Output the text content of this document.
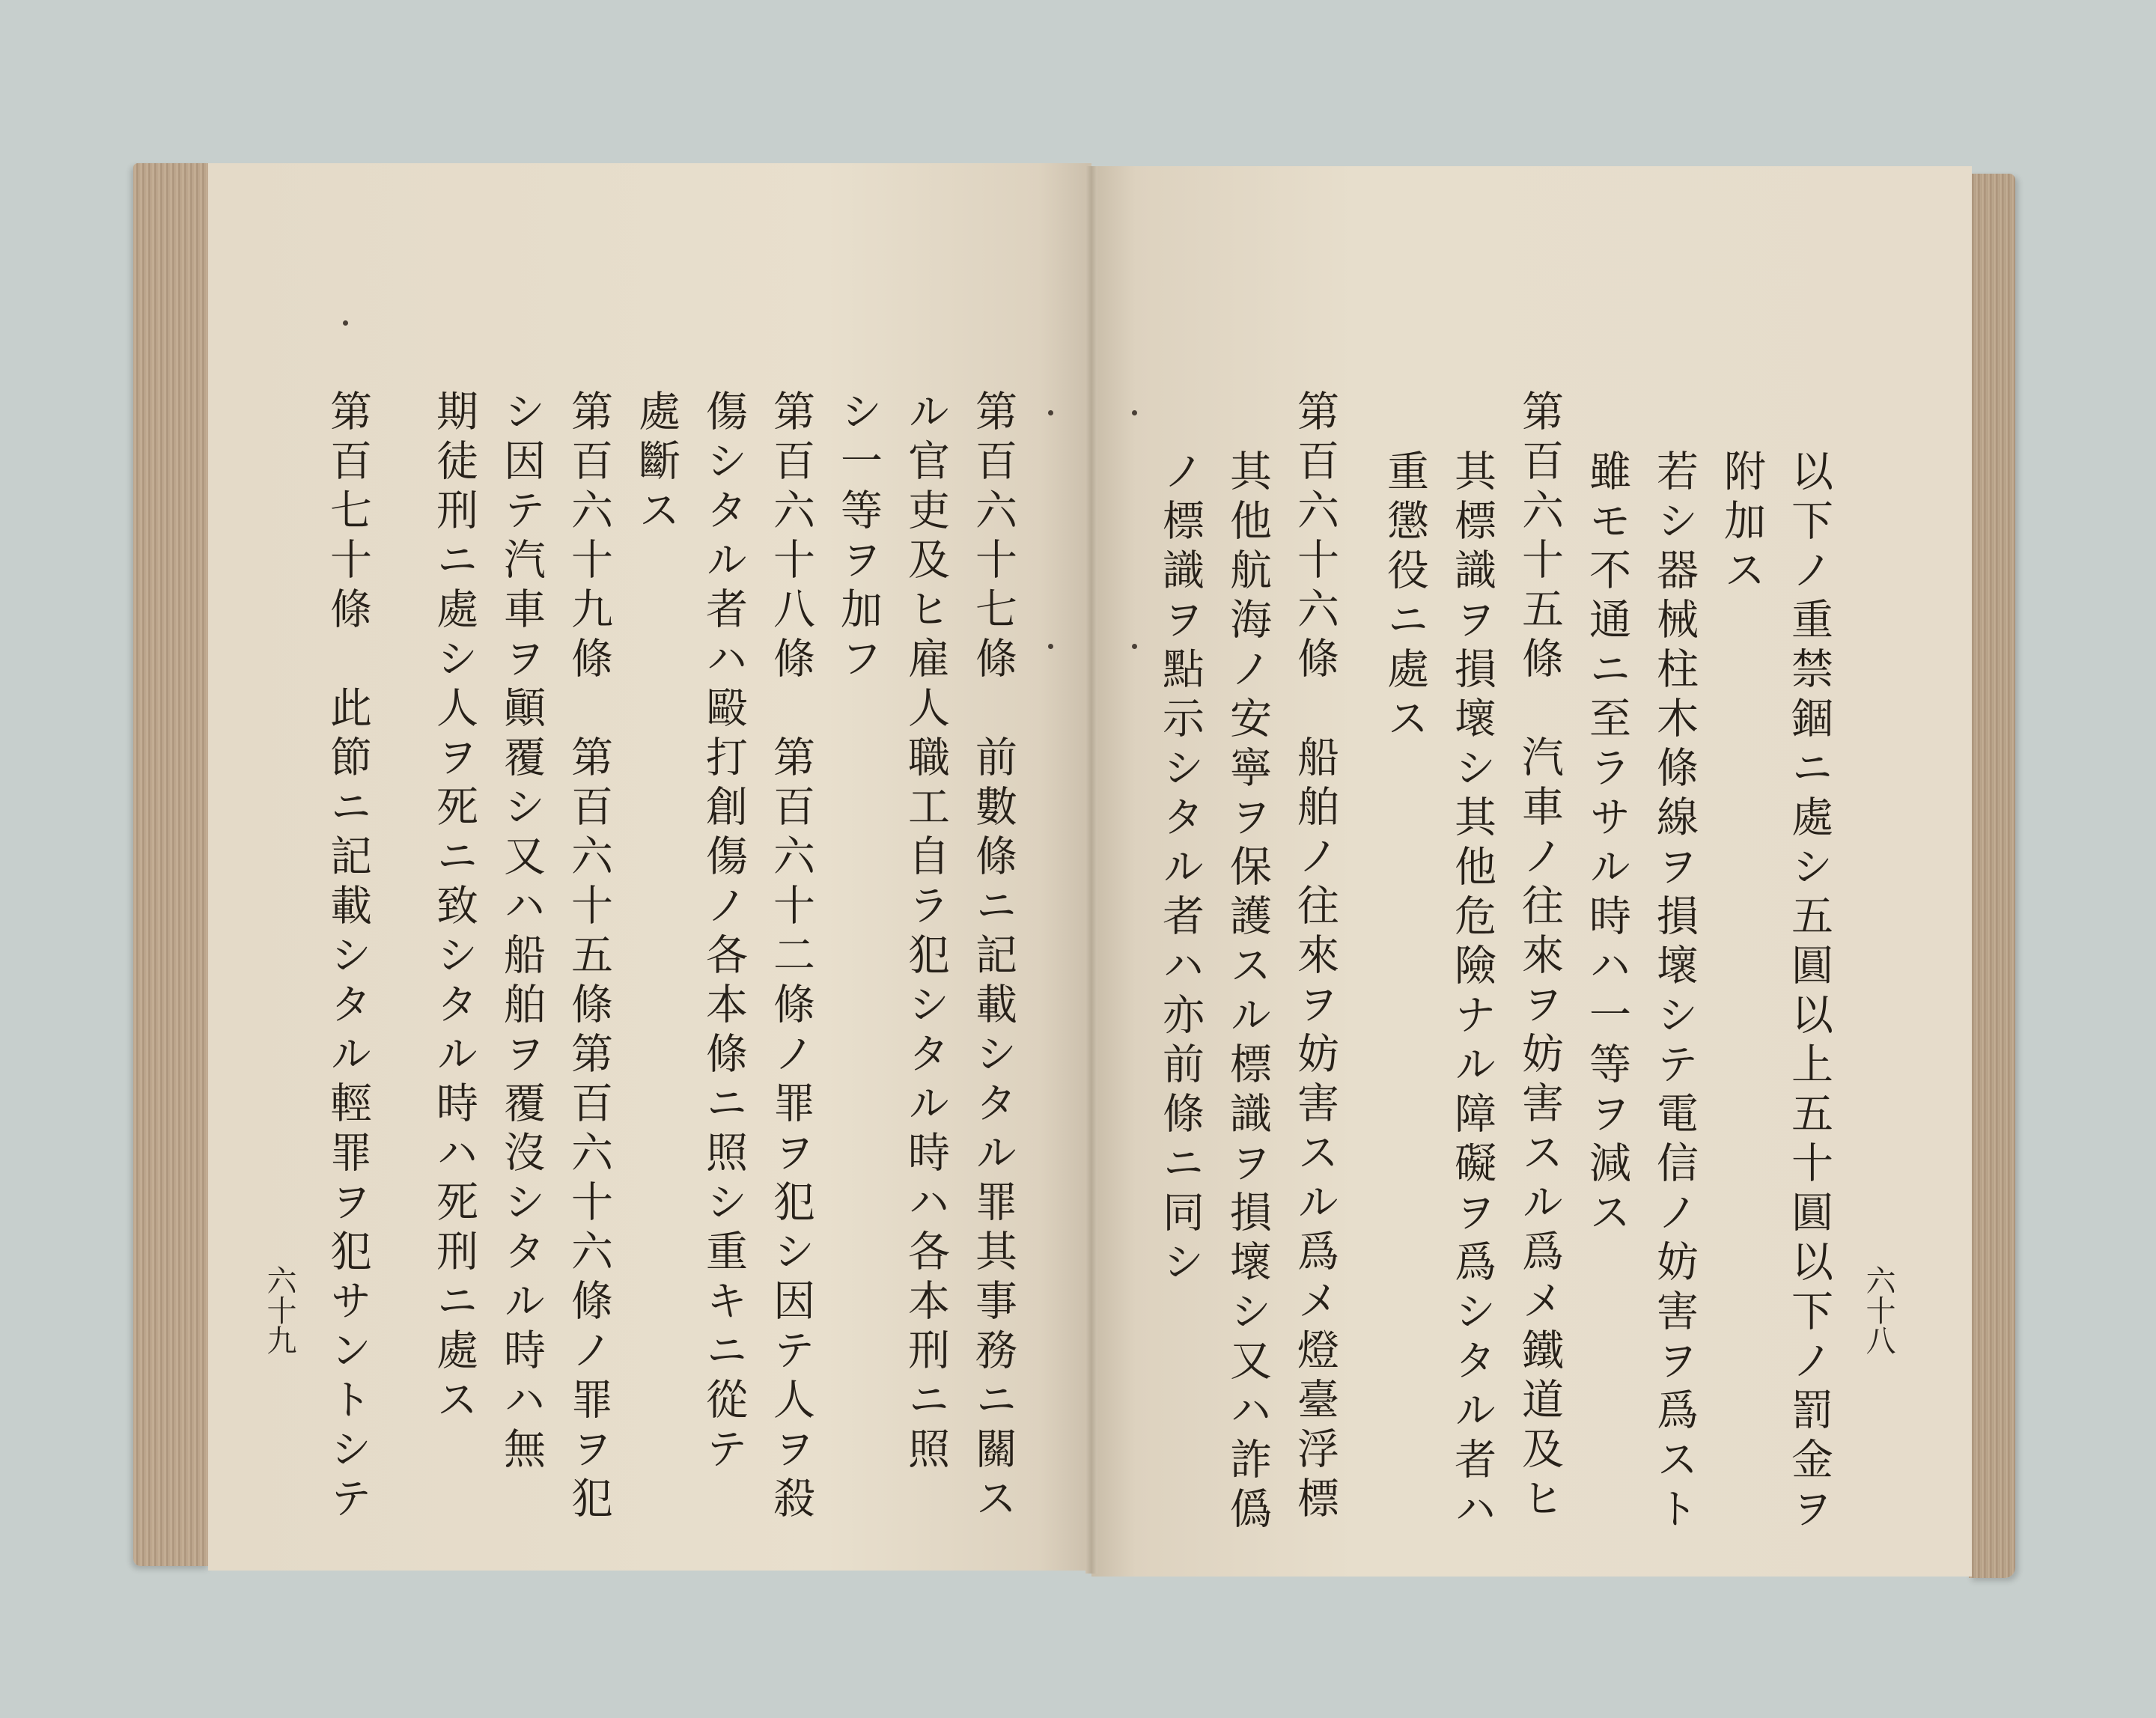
第百六十七條　前數條ニ記載シタル罪其事務ニ關ス
ル官吏及ヒ雇人職工自ラ犯シタル時ハ各本刑ニ照
シ一等ヲ加フ
第百六十八條　第百六十二條ノ罪ヲ犯シ因テ人ヲ殺
傷シタル者ハ毆打創傷ノ各本條ニ照シ重キニ從テ
處斷ス
第百六十九條　第百六十五條第百六十六條ノ罪ヲ犯
シ因テ汽車ヲ顚覆シ又ハ船舶ヲ覆沒シタル時ハ無
期徒刑ニ處シ人ヲ死ニ致シタル時ハ死刑ニ處ス
第百七十條　此節ニ記載シタル輕罪ヲ犯サントシテ
六十九	以下ノ重禁錮ニ處シ五圓以上五十圓以下ノ罰金ヲ
附加ス
若シ器械柱木條線ヲ損壞シテ電信ノ妨害ヲ爲スト
雖モ不通ニ至ラサル時ハ一等ヲ減ス
第百六十五條　汽車ノ往來ヲ妨害スル爲メ鐵道及ヒ
其標識ヲ損壞シ其他危險ナル障礙ヲ爲シタル者ハ
重懲役ニ處ス
第百六十六條　船舶ノ往來ヲ妨害スル爲メ燈臺浮標
其他航海ノ安寧ヲ保護スル標識ヲ損壞シ又ハ詐僞
ノ標識ヲ點示シタル者ハ亦前條ニ同シ
六十八
